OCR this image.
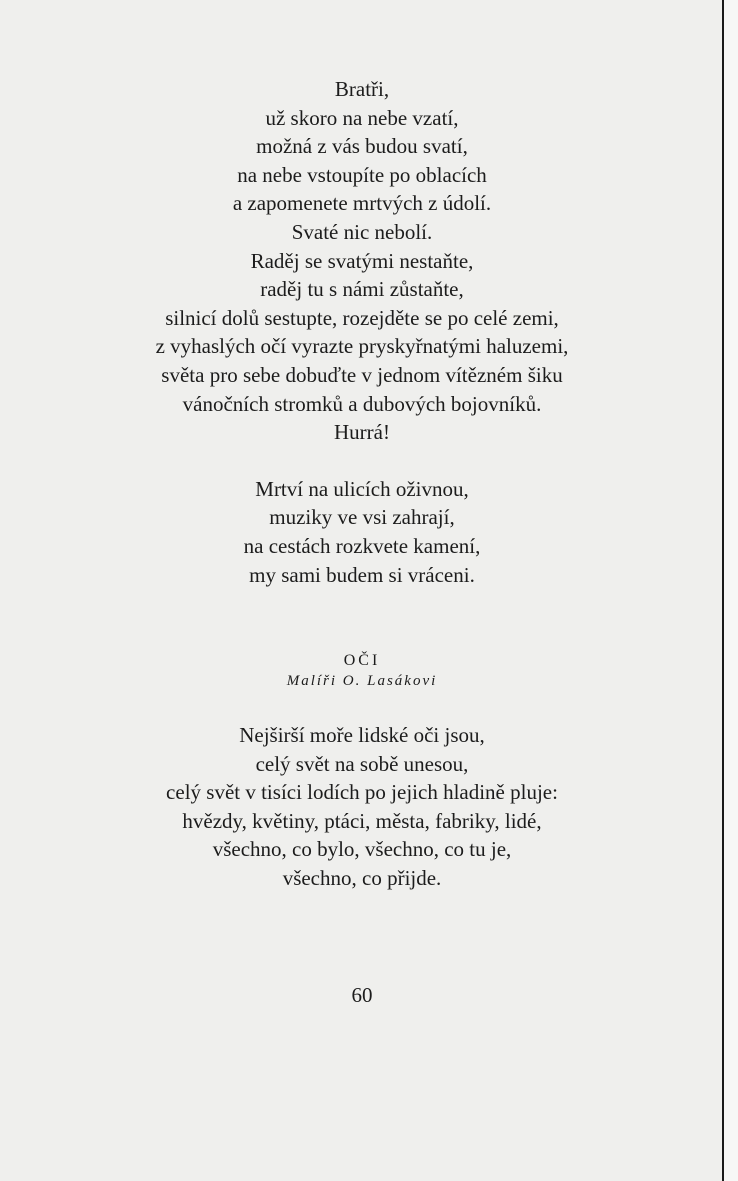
Bratři,
už skoro na nebe vzatí,
možná z vás budou svatí,
na nebe vstoupíte po oblacích
a zapomenete mrtvých z údolí.
Svaté nic nebolí.
Raděj se svatými nestaňte,
raděj tu s námi zůstaňte,
silnicí dolů sestupte, rozejděte se po celé zemi,
z vyhaslých očí vyrazte pryskyřnatými haluzemi,
světa pro sebe dobuďte v jednom vítězném šiku
vánočních stromků a dubových bojovníků.
Hurrá!
Mrtví na ulicích oživnou,
muziky ve vsi zahrají,
na cestách rozkvete kamení,
my sami budem si vráceni.
OČI
Malíři O. Lasákovi
Nejširší moře lidské oči jsou,
celý svět na sobě unesou,
celý svět v tisíci lodích po jejich hladině pluje:
hvězdy, květiny, ptáci, města, fabriky, lidé,
všechno, co bylo, všechno, co tu je,
všechno, co přijde.
60
